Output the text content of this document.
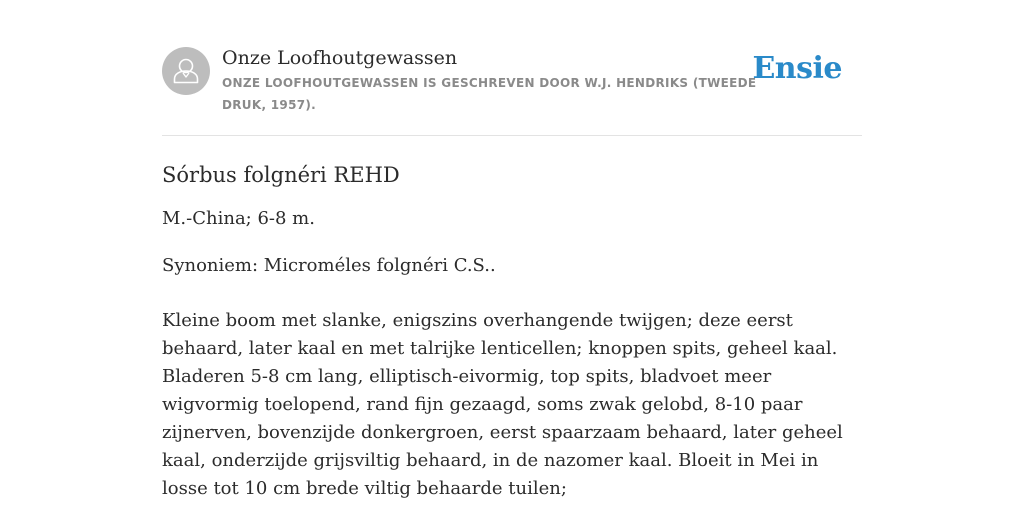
Onze Loofhoutgewassen
ONZE LOOFHOUTGEWASSEN IS GESCHREVEN DOOR W.J. HENDRIKS (TWEEDE DRUK, 1957).
Ensie
Sórbus folgnéri REHD

M.-China; 6-8 m.

Synoniem: Microméles folgnéri C.S..

Kleine boom met slanke, enigszins overhangende twijgen; deze eerst behaard, later kaal en met talrijke lenticellen; knoppen spits, geheel kaal. Bladeren 5-8 cm lang, elliptisch-eivormig, top spits, bladvoet meer wigvormig toelopend, rand fijn gezaagd, soms zwak gelobd, 8-10 paar zijnerven, bovenzijde donkergroen, eerst spaarzaam behaard, later geheel kaal, onderzijde grijsviltig behaard, in de nazomer kaal. Bloeit in Mei in losse tot 10 cm brede viltig behaarde tuilen;
